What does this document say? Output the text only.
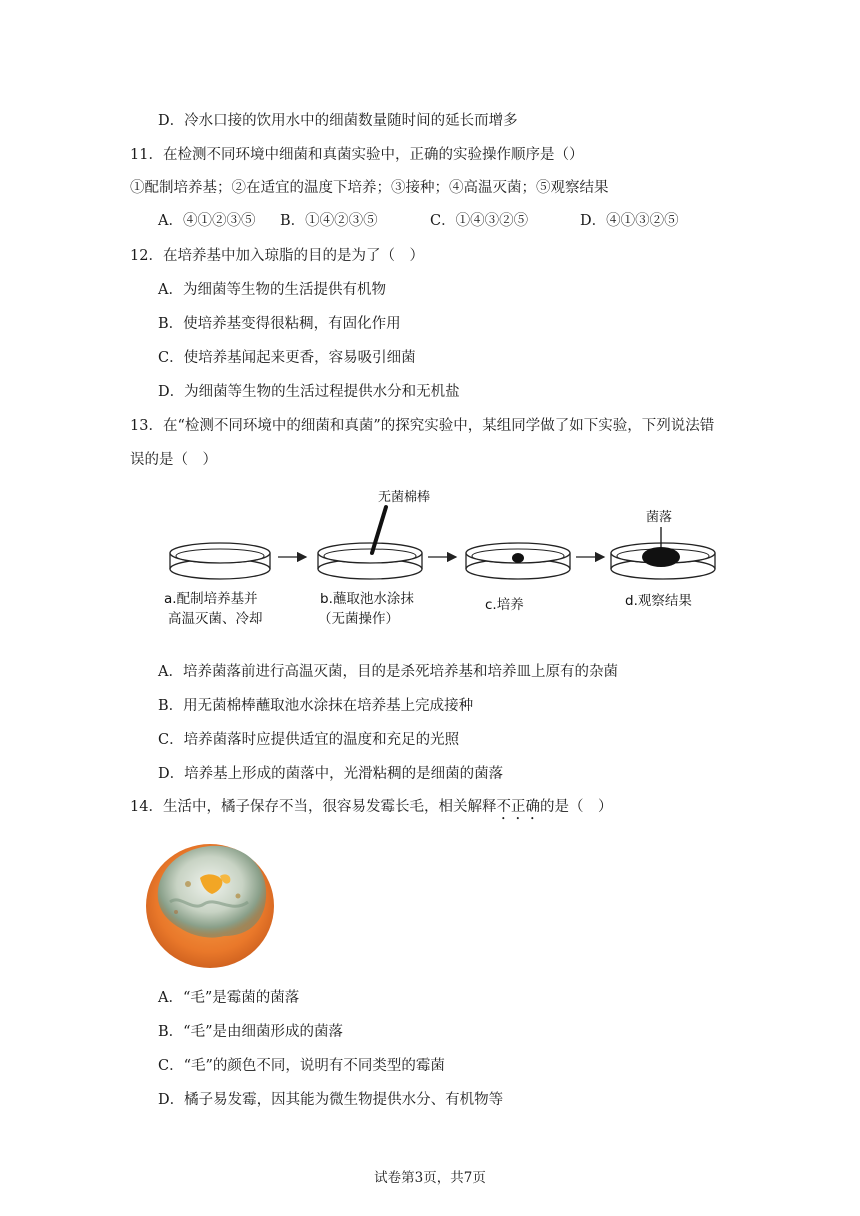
D．冷水口接的饮用水中的细菌数量随时间的延长而增多
11．在检测不同环境中细菌和真菌实验中，正确的实验操作顺序是（）
①配制培养基；②在适宜的温度下培养；③接种；④高温灭菌；⑤观察结果
A．④①②③⑤ B．①④②③⑤	C．①④③②⑤	D．④①③②⑤
12．在培养基中加入琼脂的目的是为了（　）
A．为细菌等生物的生活提供有机物
B．使培养基变得很粘稠，有固化作用
C．使培养基闻起来更香，容易吸引细菌
D．为细菌等生物的生活过程提供水分和无机盐
13．在“检测不同环境中的细菌和真菌”的探究实验中，某组同学做了如下实验，下列说法错
误的是（　）
无菌棉棒
菌落
a.配制培养基并
高温灭菌、冷却
b.蘸取池水涂抹
（无菌操作）
c.培养	d.观察结果
A．培养菌落前进行高温灭菌，目的是杀死培养基和培养皿上原有的杂菌
B．用无菌棉棒蘸取池水涂抹在培养基上完成接种
C．培养菌落时应提供适宜的温度和充足的光照
D．培养基上形成的菌落中，光滑粘稠的是细菌的菌落
14．生活中，橘子保存不当，很容易发霉长毛，相关解释不正确的是（　）
A．“毛”是霉菌的菌落
B．“毛”是由细菌形成的菌落
C．“毛”的颜色不同，说明有不同类型的霉菌
D．橘子易发霉，因其能为微生物提供水分、有机物等
试卷第3页，共7页
